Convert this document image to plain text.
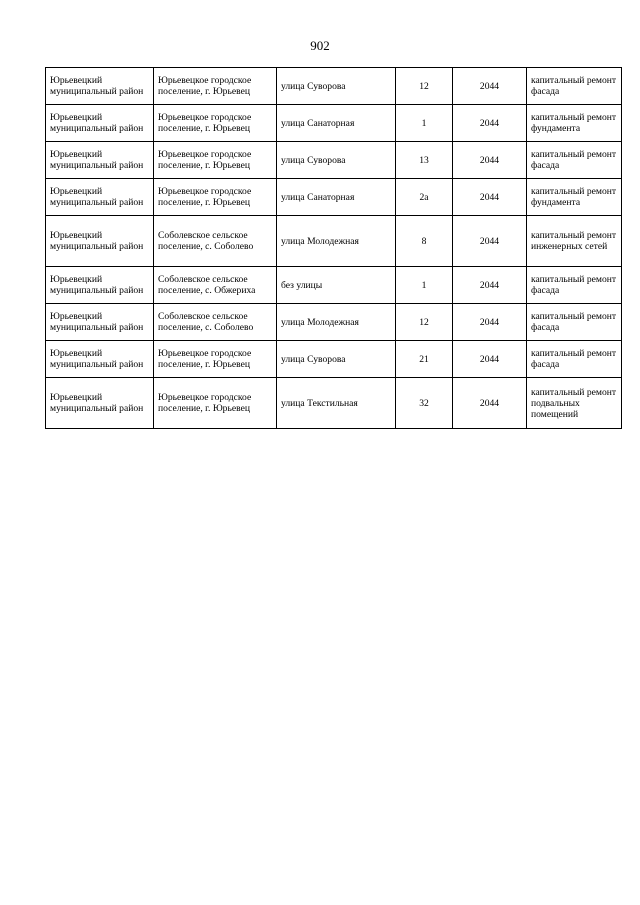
902
Юрьевецкий муниципальный район	Юрьевецкое городское поселение, г. Юрьевец	улица Суворова	12	2044	капитальный ремонт фасада
Юрьевецкий муниципальный район	Юрьевецкое городское поселение, г. Юрьевец	улица Санаторная	1	2044	капитальный ремонт фундамента
Юрьевецкий муниципальный район	Юрьевецкое городское поселение, г. Юрьевец	улица Суворова	13	2044	капитальный ремонт фасада
Юрьевецкий муниципальный район	Юрьевецкое городское поселение, г. Юрьевец	улица Санаторная	2а	2044	капитальный ремонт фундамента
Юрьевецкий муниципальный район	Соболевское сельское поселение, с. Соболево	улица Молодежная	8	2044	капитальный ремонт инженерных сетей
Юрьевецкий муниципальный район	Соболевское сельское поселение, с. Обжериха	без улицы	1	2044	капитальный ремонт фасада
Юрьевецкий муниципальный район	Соболевское сельское поселение, с. Соболево	улица Молодежная	12	2044	капитальный ремонт фасада
Юрьевецкий муниципальный район	Юрьевецкое городское поселение, г. Юрьевец	улица Суворова	21	2044	капитальный ремонт фасада
Юрьевецкий муниципальный район	Юрьевецкое городское поселение, г. Юрьевец	улица Текстильная	32	2044	капитальный ремонт подвальных помещений
